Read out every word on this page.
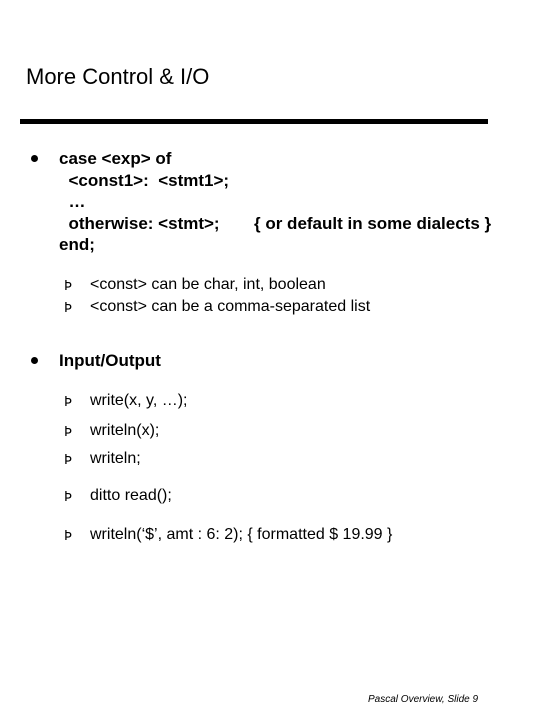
More Control & I/O
case <exp> of
<const1>:  <stmt1>;
…
otherwise: <stmt>; { or default in some dialects }
end;
Þ <const> can be char, int, boolean
Þ <const> can be a comma-separated list
Input/Output
Þ write(x, y, …);
Þ writeln(x);
Þ writeln;
Þ ditto read();
Þ writeln(‘$’, amt : 6: 2); { formatted $ 19.99 }
Pascal Overview, Slide 9
